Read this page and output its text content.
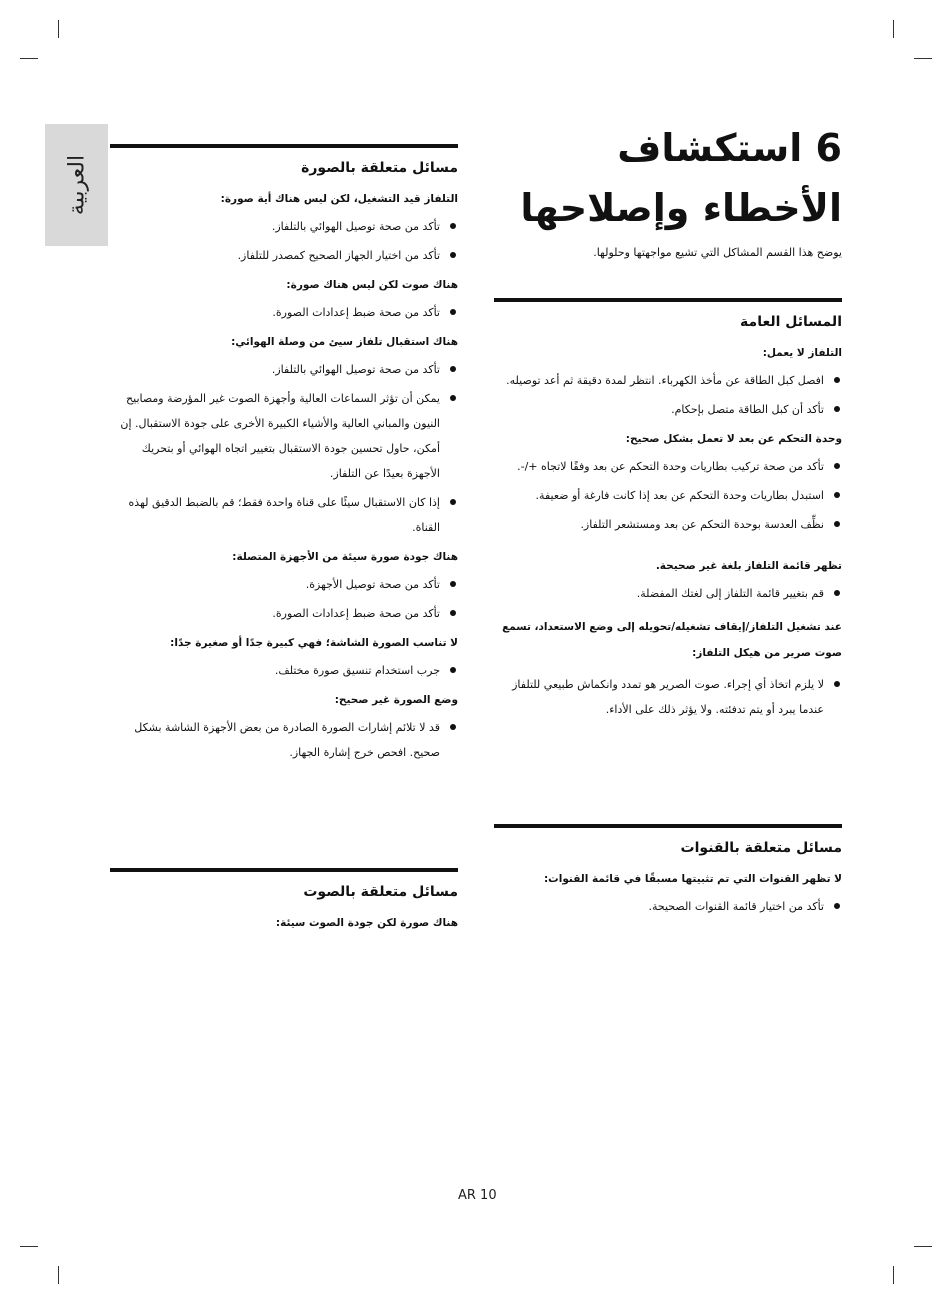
العربية
6 استكشاف الأخطاء وإصلاحها
يوضح هذا القسم المشاكل التي تشيع مواجهتها وحلولها.
المسائل العامة
التلفاز لا يعمل:
افصل كبل الطاقة عن مأخذ الكهرباء. انتظر لمدة دقيقة ثم أعد توصيله.
تأكد أن كبل الطاقة متصل بإحكام.
وحدة التحكم عن بعد لا تعمل بشكل صحيح:
تأكد من صحة تركيب بطاريات وحدة التحكم عن بعد وفقًا لاتجاه +/-.
استبدل بطاريات وحدة التحكم عن بعد إذا كانت فارغة أو ضعيفة.
نظِّف العدسة بوحدة التحكم عن بعد ومستشعر التلفاز.
تظهر قائمة التلفاز بلغة غير صحيحة.
قم بتغيير قائمة التلفاز إلى لغتك المفضلة.
عند تشغيل التلفاز/إيقاف تشغيله/تحويله إلى وضع الاستعداد، تسمع صوت صرير من هيكل التلفاز:
لا يلزم اتخاذ أي إجراء. صوت الصرير هو تمدد وانكماش طبيعي للتلفاز عندما يبرد أو يتم تدفئته. ولا يؤثر ذلك على الأداء.
مسائل متعلقة بالقنوات
لا تظهر القنوات التي تم تثبيتها مسبقًا في قائمة القنوات:
تأكد من اختيار قائمة القنوات الصحيحة.
مسائل متعلقة بالصورة
التلفاز قيد التشغيل، لكن ليس هناك أية صورة:
تأكد من صحة توصيل الهوائي بالتلفاز.
تأكد من اختيار الجهاز الصحيح كمصدر للتلفاز.
هناك صوت لكن ليس هناك صورة:
تأكد من صحة ضبط إعدادات الصورة.
هناك استقبال تلفاز سيئ من وصلة الهوائي:
تأكد من صحة توصيل الهوائي بالتلفاز.
يمكن أن تؤثر السماعات العالية وأجهزة الصوت غير المؤرضة ومصابيح النيون والمباني العالية والأشياء الكبيرة الأخرى على جودة الاستقبال. إن أمكن، حاول تحسين جودة الاستقبال بتغيير اتجاه الهوائي أو بتحريك الأجهزة بعيدًا عن التلفاز.
إذا كان الاستقبال سيئًا على قناة واحدة فقط؛ قم بالضبط الدقيق لهذه القناة.
هناك جودة صورة سيئة من الأجهزة المتصلة:
تأكد من صحة توصيل الأجهزة.
تأكد من صحة ضبط إعدادات الصورة.
لا تناسب الصورة الشاشة؛ فهي كبيرة جدًا أو صغيرة جدًا:
جرب استخدام تنسيق صورة مختلف.
وضع الصورة غير صحيح:
قد لا تلائم إشارات الصورة الصادرة من بعض الأجهزة الشاشة بشكل صحيح. افحص خرج إشارة الجهاز.
مسائل متعلقة بالصوت
هناك صورة لكن جودة الصوت سيئة:
AR 10
